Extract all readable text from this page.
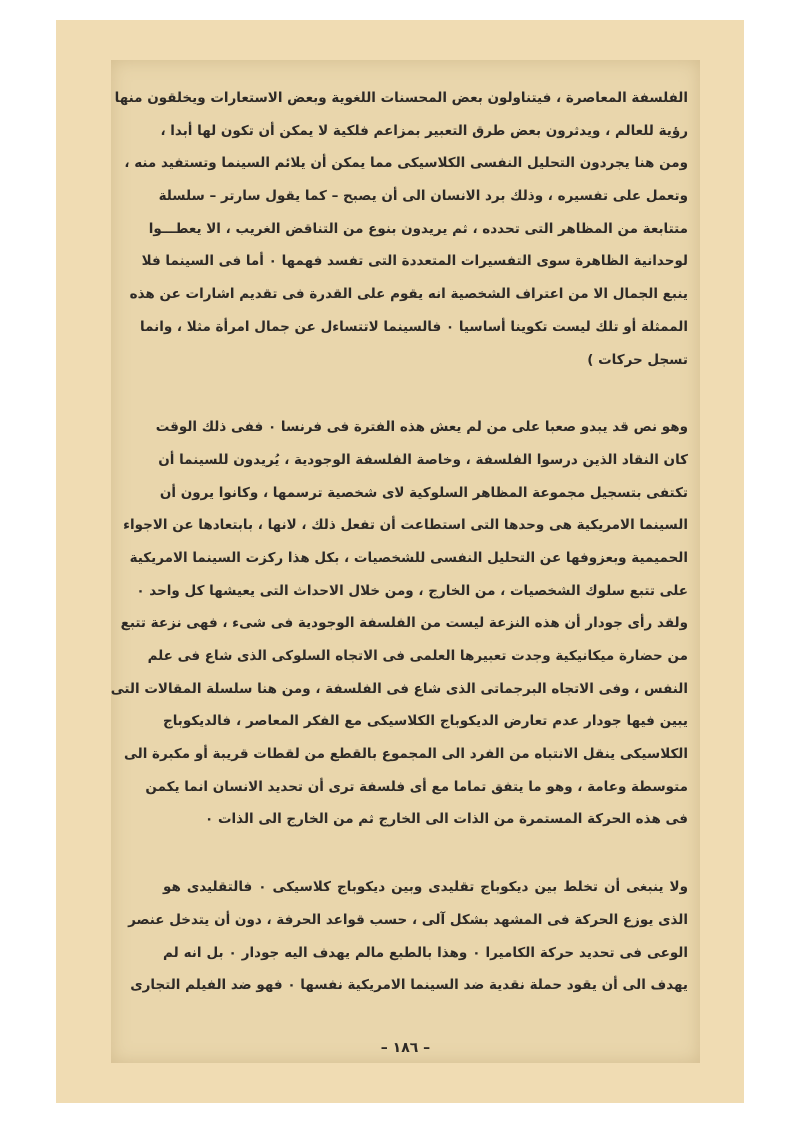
الفلسفة المعاصرة ، فيتناولون بعض المحسنات اللغوية وبعض الاستعارات ويخلقون منها

رؤية للعالم ، ويدثرون بعض طرق التعبير بمزاعم فلكية لا يمكن أن تكون لها أبدا ،

ومن هنا يجردون التحليل النفسى الكلاسيكى مما يمكن أن يلائم السينما وتستفيد منه ،

وتعمل على تفسيره ، وذلك برد الانسان الى أن يصبح – كما يقول سارتر – سلسلة

متتابعة من المظاهر التى تحدده ، ثم يريدون بنوع من التناقض الغريب ، الا يعطـــوا

لوحدانية الظاهرة سوى التفسيرات المتعددة التى تفسد فهمها ٠ أما فى السينما فلا

ينبع الجمال الا من اعتراف الشخصية انه يقوم على القدرة فى تقديم اشارات عن هذه

الممثلة أو تلك ليست تكوينا أساسيا ٠ فالسينما لاتتساءل عن جمال امرأة مثلا ، وانما

تسجل حركات )

وهو نص قد يبدو صعبا على من لم يعش هذه الفترة فى فرنسا ٠ ففى ذلك الوقت

كان النقاد الذين درسوا الفلسفة ، وخاصة الفلسفة الوجودية ، يُريدون للسينما أن

تكتفى بتسجيل مجموعة المظاهر السلوكية لاى شخصية ترسمها ، وكانوا يرون أن

السينما الامريكية هى وحدها التى استطاعت أن تفعل ذلك ، لانها ، بابتعادها عن الاجواء

الحميمية وبعزوفها عن التحليل النفسى للشخصيات ، بكل هذا ركزت السينما الامريكية

على تتبع سلوك الشخصيات ، من الخارج ، ومن خلال الاحداث التى يعيشها كل واحد ٠

ولقد رأى جودار أن هذه النزعة ليست من الفلسفة الوجودية فى شىء ، فهى نزعة تتبع

من حضارة ميكانيكية وجدت تعبيرها العلمى فى الاتجاه السلوكى الذى شاع فى علم

النفس ، وفى الاتجاه البرجماتى الذى شاع فى الفلسفة ، ومن هنا سلسلة المقالات التى

يبين فيها جودار عدم تعارض الديكوباج الكلاسيكى مع الفكر المعاصر ، فالديكوباج

الكلاسيكى ينقل الانتباه من الفرد الى المجموع بالقطع من لقطات قريبة أو مكبرة الى

متوسطة وعامة ، وهو ما يتفق تماما مع أى فلسفة ترى أن تحديد الانسان انما يكمن

فى هذه الحركة المستمرة من الذات الى الخارج ثم من الخارج الى الذات ٠

ولا ينبغى أن تخلط بين ديكوباج تقليدى وبين ديكوباج كلاسيكى ٠ فالتقليدى هو

الذى يوزع الحركة فى المشهد بشكل آلى ، حسب قواعد الحرفة ، دون أن يتدخل عنصر

الوعى فى تحديد حركة الكاميرا ٠ وهذا بالطبع مالم يهدف اليه جودار ٠ بل انه لم

يهدف الى أن يقود حملة نقدية ضد السينما الامريكية نفسها ٠ فهو ضد الفيلم التجارى

– ١٨٦ –
